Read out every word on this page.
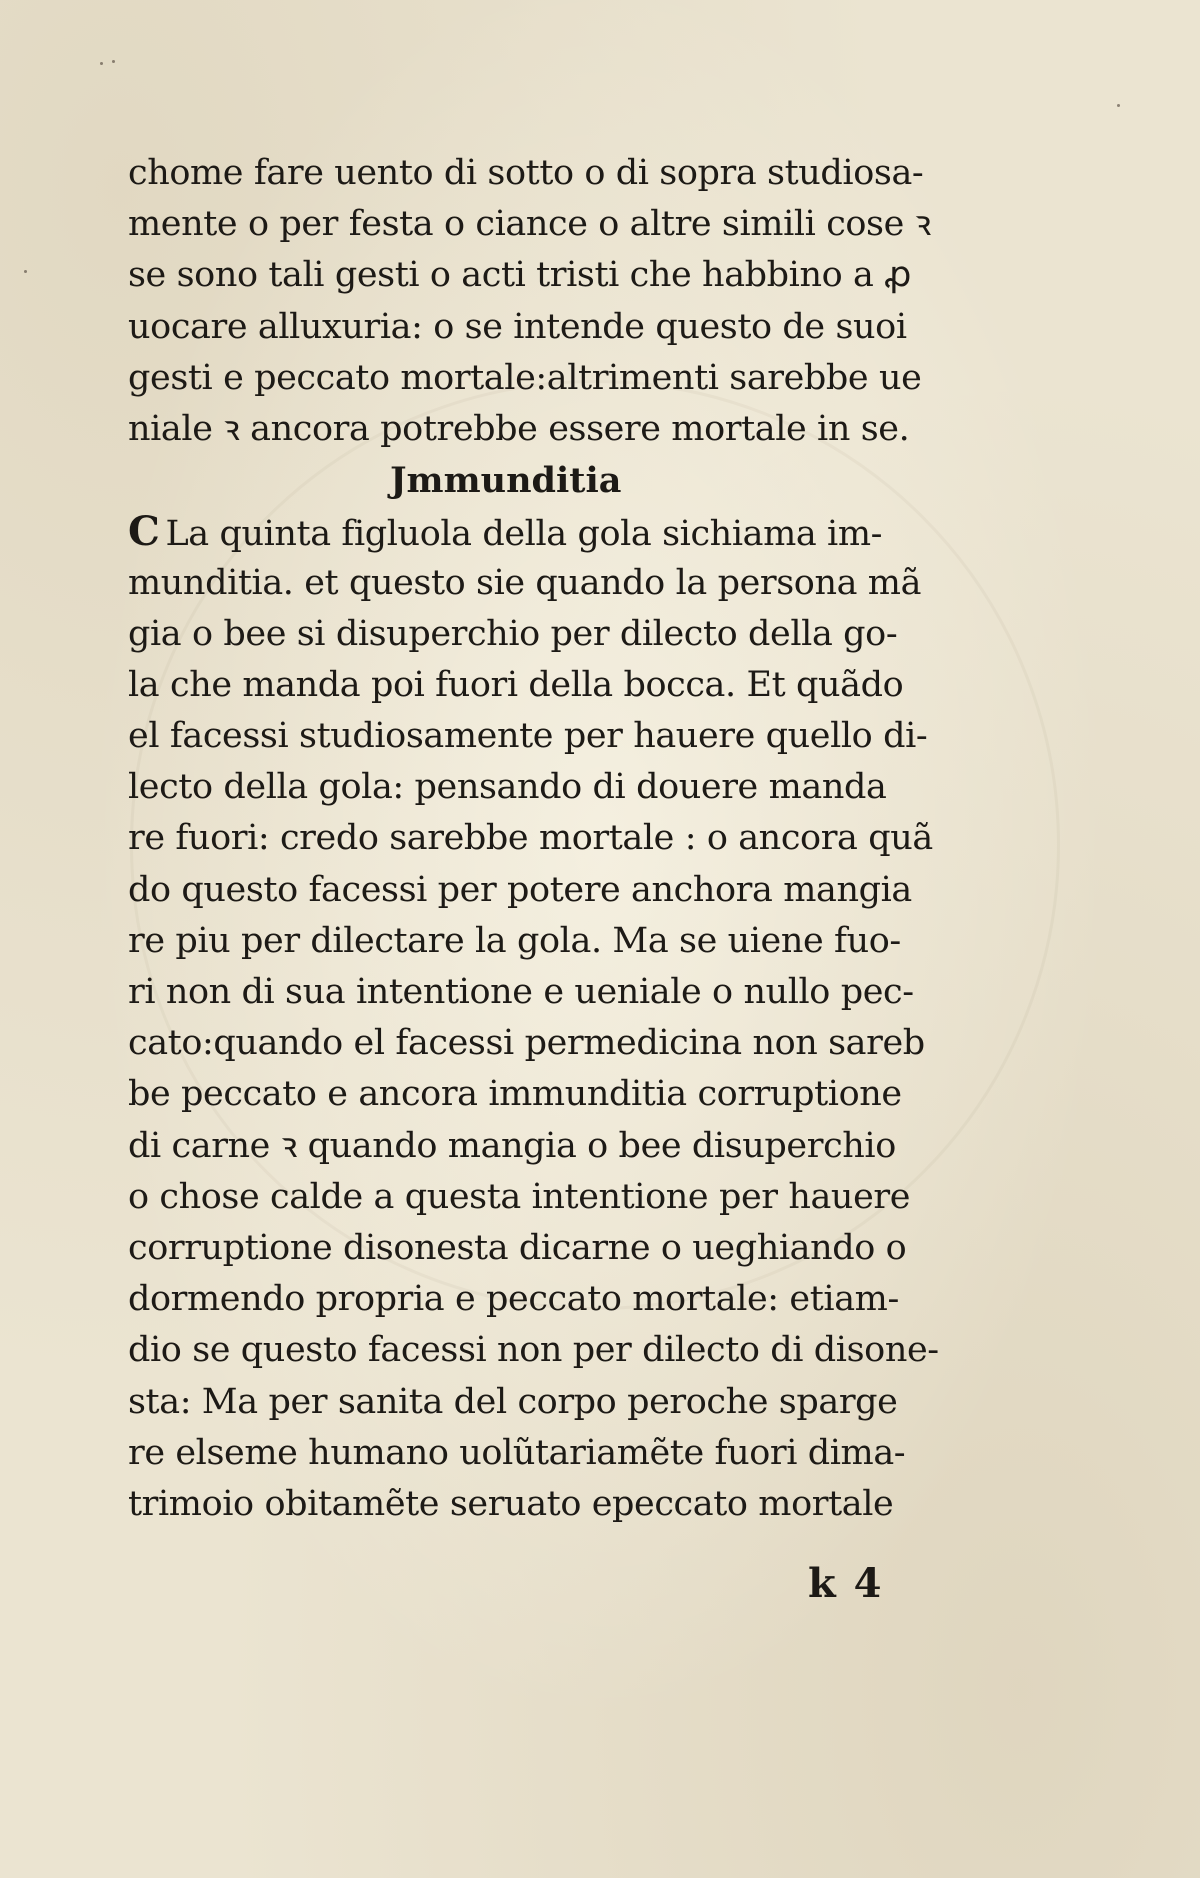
chome fare uento di sotto o di sopra studiosa-
mente o per festa o ciance o altre simili cose ꝛ
se sono tali gesti o acti tristi che habbino a ꝓ
uocare alluxuria: o se intende questo de suoi
gesti e peccato mortale:altrimenti sarebbe ue
niale ꝛ ancora potrebbe essere mortale in se.
Jmmunditia
C La quinta figluola della gola sichiama im-
munditia. et questo sie quando la persona mã
gia o bee si disuperchio per dilecto della go-
la che manda poi fuori della bocca. Et quãdo
el facessi studiosamente per hauere quello di-
lecto della gola: pensando di douere manda
re fuori: credo sarebbe mortale : o ancora quã
do questo facessi per potere anchora mangia
re piu per dilectare la gola. Ma se uiene fuo-
ri non di sua intentione e ueniale o nullo pec-
cato:quando el facessi permedicina non sareb
be peccato e ancora immunditia corruptione
di carne ꝛ quando mangia o bee disuperchio
o chose calde a questa intentione per hauere
corruptione disonesta dicarne o ueghiando o
dormendo propria e peccato mortale: etiam-
dio se questo facessi non per dilecto di disone-
sta: Ma per sanita del corpo peroche sparge
re elseme humano uolũtariamẽte fuori dima-
trimoio obitamẽte seruato epeccato mortale
k 4
